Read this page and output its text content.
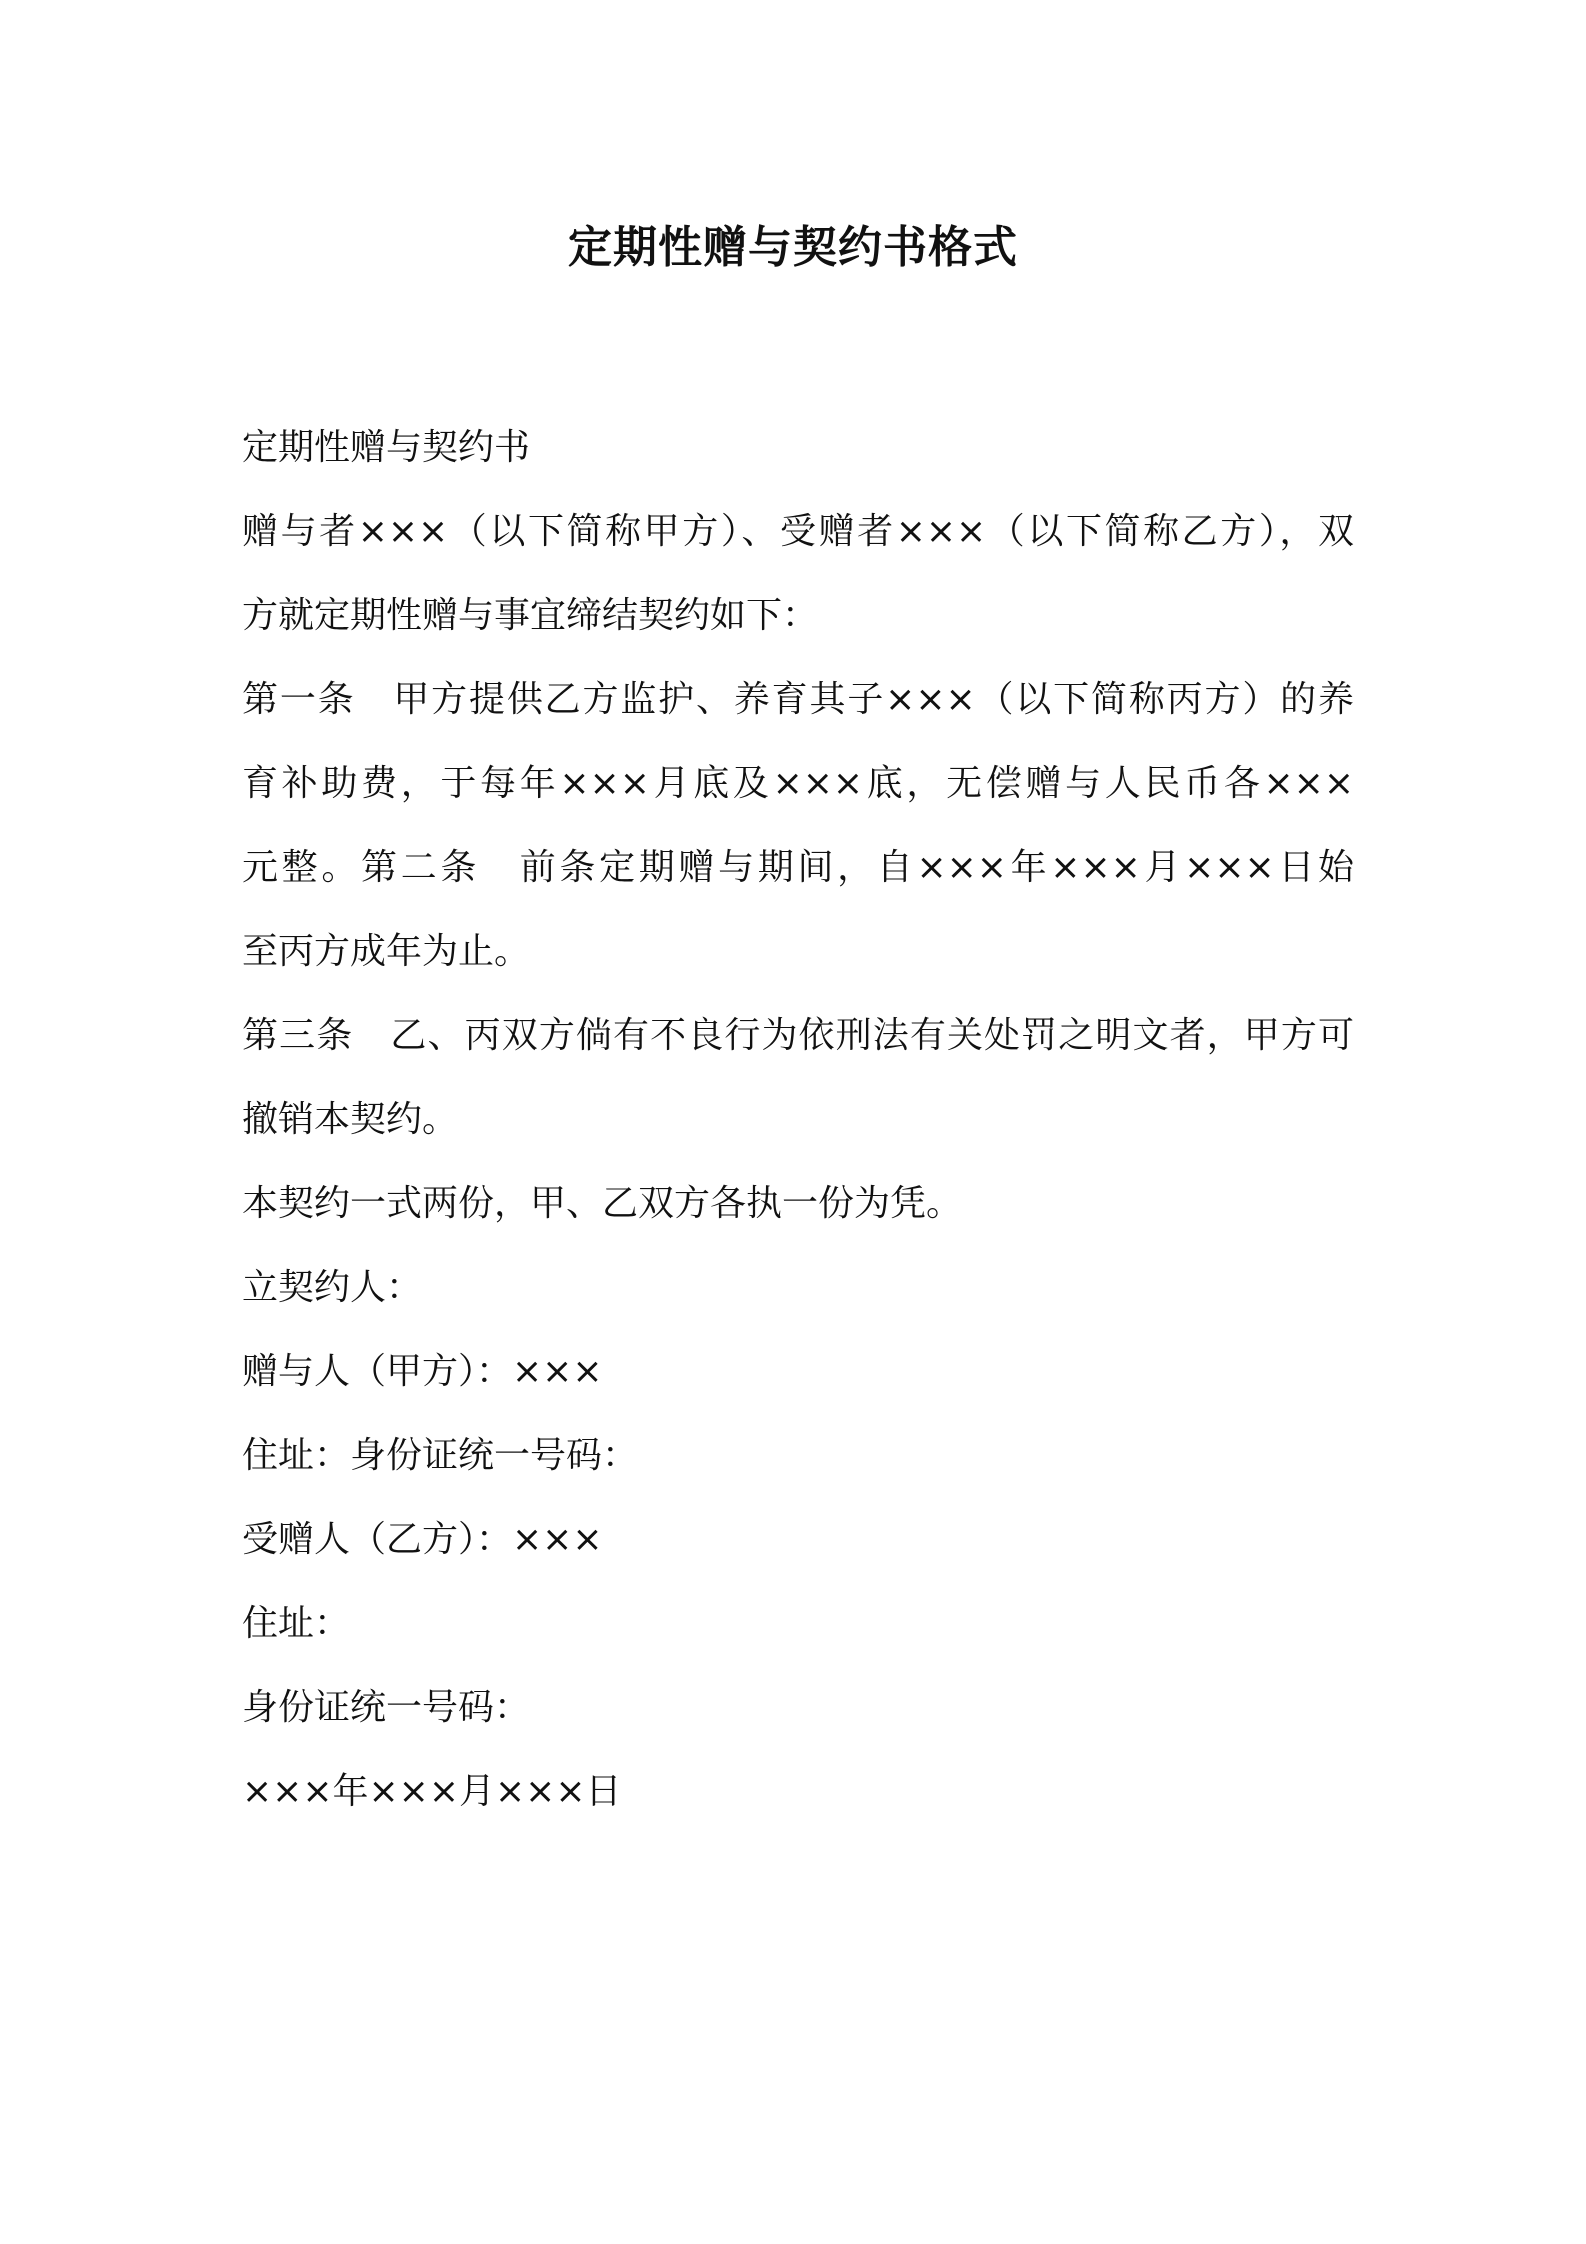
定期性赠与契约书格式
定期性赠与契约书
赠与者×××（以下简称甲方）、受赠者×××（以下简称乙方），双
方就定期性赠与事宜缔结契约如下：
第一条　甲方提供乙方监护、养育其子×××（以下简称丙方）的养
育补助费，于每年×××月底及×××底，无偿赠与人民币各×××
元整。第二条　前条定期赠与期间，自×××年×××月×××日始
至丙方成年为止。
第三条　乙、丙双方倘有不良行为依刑法有关处罚之明文者，甲方可
撤销本契约。
本契约一式两份，甲、乙双方各执一份为凭。
立契约人：
赠与人（甲方）：×××
住址：身份证统一号码：
受赠人（乙方）：×××
住址：
身份证统一号码：
×××年×××月×××日
